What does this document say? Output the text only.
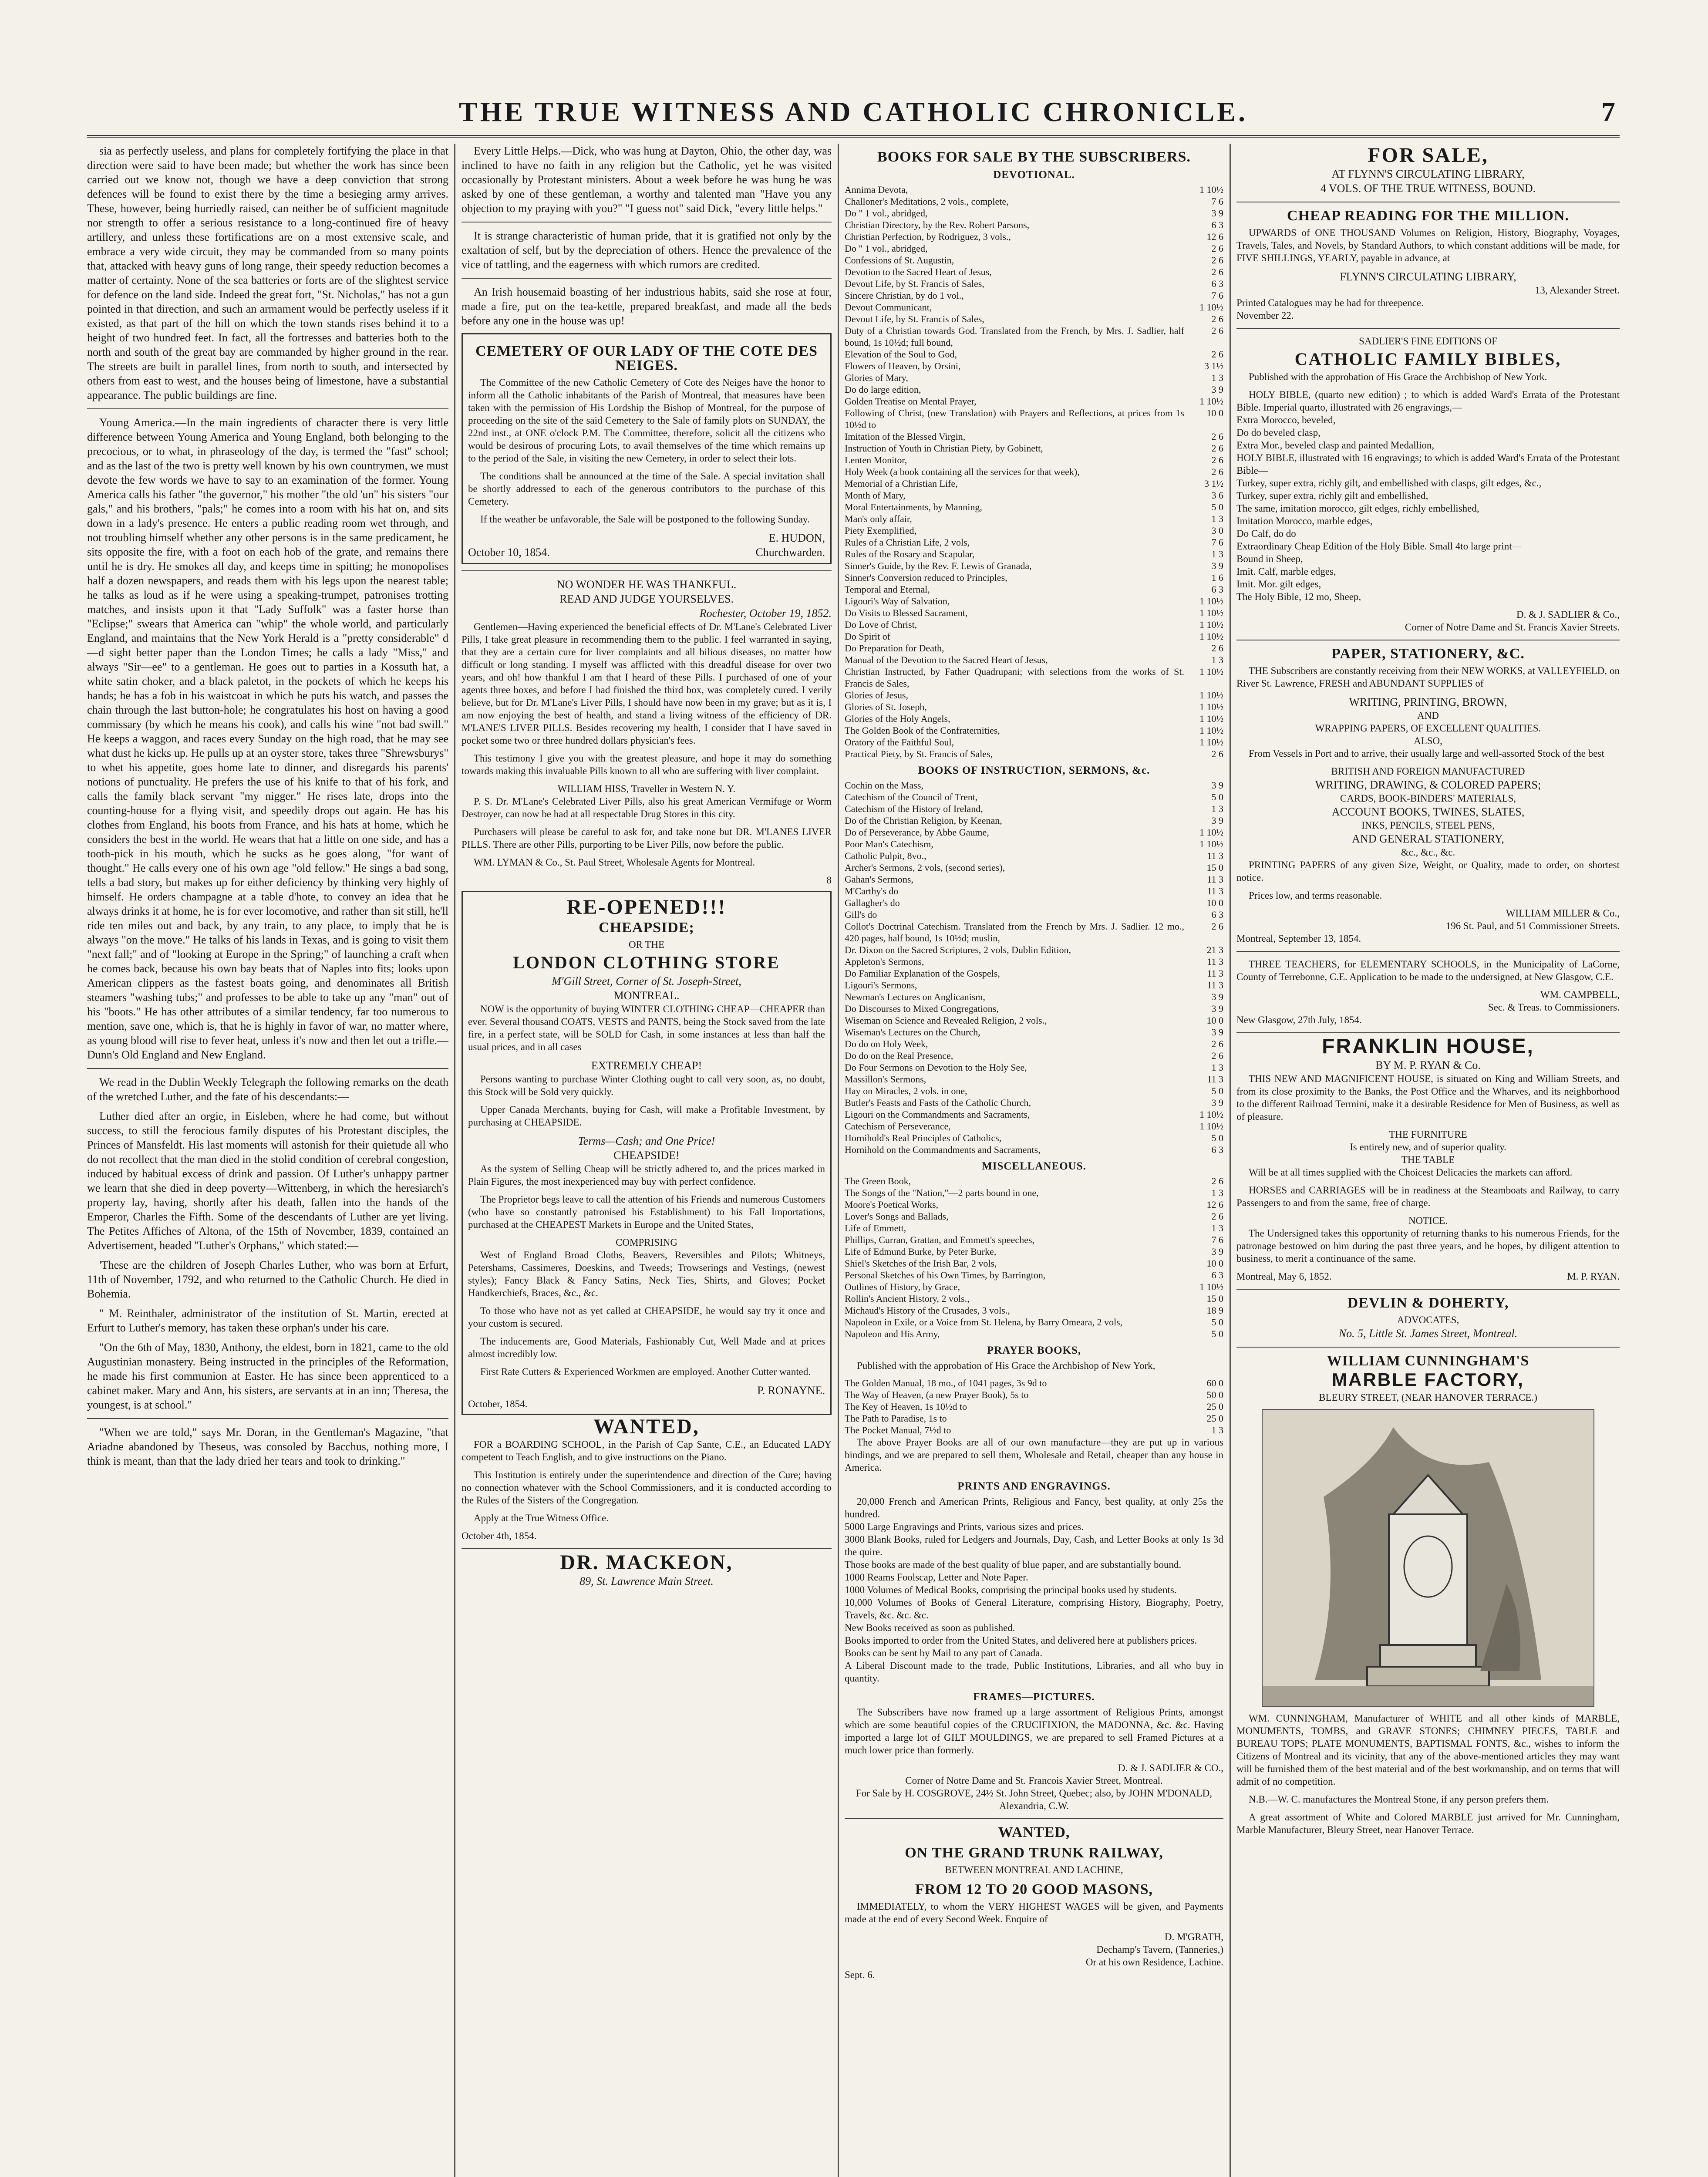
THE TRUE WITNESS AND CATHOLIC CHRONICLE.	7

sia as perfectly useless, and plans for completely fortifying the place in that direction were said to have been made; but whether the work has since been carried out we know not, though we have a deep conviction that strong defences will be found to exist there by the time a besieging army arrives. These, however, being hurriedly raised, can neither be of sufficient magnitude nor strength to offer a serious resistance to a long-continued fire of heavy artillery, and unless these fortifications are on a most extensive scale, and embrace a very wide circuit, they may be commanded from so many points that, attacked with heavy guns of long range, their speedy reduction becomes a matter of certainty. None of the sea batteries or forts are of the slightest service for defence on the land side. Indeed the great fort, "St. Nicholas," has not a gun pointed in that direction, and such an armament would be perfectly useless if it existed, as that part of the hill on which the town stands rises behind it to a height of two hundred feet. In fact, all the fortresses and batteries both to the north and south of the great bay are commanded by higher ground in the rear. The streets are built in parallel lines, from north to south, and intersected by others from east to west, and the houses being of limestone, have a substantial appearance. The public buildings are fine.

Young America.—In the main ingredients of character there is very little difference between Young America and Young England, both belonging to the precocious, or to what, in phraseology of the day, is termed the "fast" school; and as the last of the two is pretty well known by his own countrymen, we must devote the few words we have to say to an examination of the former. Young America calls his father "the governor," his mother "the old 'un" his sisters "our gals," and his brothers, "pals;" he comes into a room with his hat on, and sits down in a lady's presence. He enters a public reading room wet through, and not troubling himself whether any other persons is in the same predicament, he sits opposite the fire, with a foot on each hob of the grate, and remains there until he is dry. He smokes all day, and keeps time in spitting; he monopolises half a dozen newspapers, and reads them with his legs upon the nearest table; he talks as loud as if he were using a speaking-trumpet, patronises trotting matches, and insists upon it that "Lady Suffolk" was a faster horse than "Eclipse;" swears that America can "whip" the whole world, and particularly England, and maintains that the New York Herald is a "pretty considerable" d—d sight better paper than the London Times; he calls a lady "Miss," and always "Sir—ee" to a gentleman. He goes out to parties in a Kossuth hat, a white satin choker, and a black paletot, in the pockets of which he keeps his hands; he has a fob in his waistcoat in which he puts his watch, and passes the chain through the last button-hole; he congratulates his host on having a good commissary (by which he means his cook), and calls his wine "not bad swill." He keeps a waggon, and races every Sunday on the high road, that he may see what dust he kicks up. He pulls up at an oyster store, takes three "Shrewsburys" to whet his appetite, goes home late to dinner, and disregards his parents' notions of punctuality. He prefers the use of his knife to that of his fork, and calls the family black servant "my nigger." He rises late, drops into the counting-house for a flying visit, and speedily drops out again. He has his clothes from England, his boots from France, and his hats at home, which he considers the best in the world. He wears that hat a little on one side, and has a tooth-pick in his mouth, which he sucks as he goes along, "for want of thought." He calls every one of his own age "old fellow." He sings a bad song, tells a bad story, but makes up for either deficiency by thinking very highly of himself. He orders champagne at a table d'hote, to convey an idea that he always drinks it at home, he is for ever locomotive, and rather than sit still, he'll ride ten miles out and back, by any train, to any place, to imply that he is always "on the move." He talks of his lands in Texas, and is going to visit them "next fall;" and of "looking at Europe in the Spring;" of launching a craft when he comes back, because his own bay beats that of Naples into fits; looks upon American clippers as the fastest boats going, and denominates all British steamers "washing tubs;" and professes to be able to take up any "man" out of his "boots." He has other attributes of a similar tendency, far too numerous to mention, save one, which is, that he is highly in favor of war, no matter where, as young blood will rise to fever heat, unless it's now and then let out a trifle.—Dunn's Old England and New England.

We read in the Dublin Weekly Telegraph the following remarks on the death of the wretched Luther, and the fate of his descendants:—

Luther died after an orgie, in Eisleben, where he had come, but without success, to still the ferocious family disputes of his Protestant disciples, the Princes of Mansfeldt. His last moments will astonish for their quietude all who do not recollect that the man died in the stolid condition of cerebral congestion, induced by habitual excess of drink and passion. Of Luther's unhappy partner we learn that she died in deep poverty—Wittenberg, in which the heresiarch's property lay, having, shortly after his death, fallen into the hands of the Emperor, Charles the Fifth. Some of the descendants of Luther are yet living. The Petites Affiches of Altona, of the 15th of November, 1839, contained an Advertisement, headed "Luther's Orphans," which stated:—

'These are the children of Joseph Charles Luther, who was born at Erfurt, 11th of November, 1792, and who returned to the Catholic Church. He died in Bohemia.

" M. Reinthaler, administrator of the institution of St. Martin, erected at Erfurt to Luther's memory, has taken these orphan's under his care.

"On the 6th of May, 1830, Anthony, the eldest, born in 1821, came to the old Augustinian monastery. Being instructed in the principles of the Reformation, he made his first communion at Easter. He has since been apprenticed to a cabinet maker. Mary and Ann, his sisters, are servants at in an inn; Theresa, the youngest, is at school."

"When we are told," says Mr. Doran, in the Gentleman's Magazine, "that Ariadne abandoned by Theseus, was consoled by Bacchus, nothing more, I think is meant, than that the lady dried her tears and took to drinking."

Every Little Helps.—Dick, who was hung at Dayton, Ohio, the other day, was inclined to have no faith in any religion but the Catholic, yet he was visited occasionally by Protestant ministers. About a week before he was hung he was asked by one of these gentleman, a worthy and talented man "Have you any objection to my praying with you?" "I guess not" said Dick, "every little helps."

It is strange characteristic of human pride, that it is gratified not only by the exaltation of self, but by the depreciation of others. Hence the prevalence of the vice of tattling, and the eagerness with which rumors are credited.

An Irish housemaid boasting of her industrious habits, said she rose at four, made a fire, put on the tea-kettle, prepared breakfast, and made all the beds before any one in the house was up!

CEMETERY OF OUR LADY OF THE COTE DES NEIGES.

The Committee of the new Catholic Cemetery of Cote des Neiges have the honor to inform all the Catholic inhabitants of the Parish of Montreal, that measures have been taken with the permission of His Lordship the Bishop of Montreal, for the purpose of proceeding on the site of the said Cemetery to the Sale of family plots on SUNDAY, the 22nd inst., at ONE o'clock P.M. The Committee, therefore, solicit all the citizens who would be desirous of procuring Lots, to avail themselves of the time which remains up to the period of the Sale, in visiting the new Cemetery, in order to select their lots.

The conditions shall be announced at the time of the Sale. A special invitation shall be shortly addressed to each of the generous contributors to the purchase of this Cemetery.

If the weather be unfavorable, the Sale will be postponed to the following Sunday.

E. HUDON,
October 10, 1854.	Churchwarden.
NO WONDER HE WAS THANKFUL.
READ AND JUDGE YOURSELVES.
Rochester, October 19, 1852.

Gentlemen—Having experienced the beneficial effects of Dr. M'Lane's Celebrated Liver Pills, I take great pleasure in recommending them to the public. I feel warranted in saying, that they are a certain cure for liver complaints and all bilious diseases, no matter how difficult or long standing. I myself was afflicted with this dreadful disease for over two years, and oh! how thankful I am that I heard of these Pills. I purchased of one of your agents three boxes, and before I had finished the third box, was completely cured. I verily believe, but for Dr. M'Lane's Liver Pills, I should have now been in my grave; but as it is, I am now enjoying the best of health, and stand a living witness of the efficiency of DR. M'LANE'S LIVER PILLS. Besides recovering my health, I consider that I have saved in pocket some two or three hundred dollars physician's fees.

This testimony I give you with the greatest pleasure, and hope it may do something towards making this invaluable Pills known to all who are suffering with liver complaint.

WILLIAM HISS, Traveller in Western N. Y.

P. S. Dr. M'Lane's Celebrated Liver Pills, also his great American Vermifuge or Worm Destroyer, can now be had at all respectable Drug Stores in this city.

Purchasers will please be careful to ask for, and take none but DR. M'LANES LIVER PILLS. There are other Pills, purporting to be Liver Pills, now before the public.

WM. LYMAN & Co., St. Paul Street, Wholesale Agents for Montreal.

8
RE-OPENED!!!
CHEAPSIDE;
OR THE
LONDON CLOTHING STORE
M'Gill Street, Corner of St. Joseph-Street,
MONTREAL.

NOW is the opportunity of buying WINTER CLOTHING CHEAP—CHEAPER than ever. Several thousand COATS, VESTS and PANTS, being the Stock saved from the late fire, in a perfect state, will be SOLD for Cash, in some instances at less than half the usual prices, and in all cases

EXTREMELY CHEAP!

Persons wanting to purchase Winter Clothing ought to call very soon, as, no doubt, this Stock will be Sold very quickly.

Upper Canada Merchants, buying for Cash, will make a Profitable Investment, by purchasing at CHEAPSIDE.

Terms—Cash; and One Price!
CHEAPSIDE!

As the system of Selling Cheap will be strictly adhered to, and the prices marked in Plain Figures, the most inexperienced may buy with perfect confidence.

The Proprietor begs leave to call the attention of his Friends and numerous Customers (who have so constantly patronised his Establishment) to his Fall Importations, purchased at the CHEAPEST Markets in Europe and the United States,

COMPRISING

West of England Broad Cloths, Beavers, Reversibles and Pilots; Whitneys, Petershams, Cassimeres, Doeskins, and Tweeds; Trowserings and Vestings, (newest styles); Fancy Black & Fancy Satins, Neck Ties, Shirts, and Gloves; Pocket Handkerchiefs, Braces, &c., &c.

To those who have not as yet called at CHEAPSIDE, he would say try it once and your custom is secured.

The inducements are, Good Materials, Fashionably Cut, Well Made and at prices almost incredibly low.

First Rate Cutters & Experienced Workmen are employed. Another Cutter wanted.

P. RONAYNE.
October, 1854.
WANTED,

FOR a BOARDING SCHOOL, in the Parish of Cap Sante, C.E., an Educated LADY competent to Teach English, and to give instructions on the Piano.

This Institution is entirely under the superintendence and direction of the Cure; having no connection whatever with the School Commissioners, and it is conducted according to the Rules of the Sisters of the Congregation.

Apply at the True Witness Office.

October 4th, 1854.
DR. MACKEON,
89, St. Lawrence Main Street.
BOOKS FOR SALE BY THE SUBSCRIBERS.
DEVOTIONAL.
Annima Devota,	1 10½
Challoner's Meditations, 2 vols., complete,	7 6
Do " 1 vol., abridged,	3 9
Christian Directory, by the Rev. Robert Parsons,	6 3
Christian Perfection, by Rodriguez, 3 vols.,	12 6
Do " 1 vol., abridged,	2 6
Confessions of St. Augustin,	2 6
Devotion to the Sacred Heart of Jesus,	2 6
Devout Life, by St. Francis of Sales,	6 3
Sincere Christian, by do 1 vol.,	7 6
Devout Communicant,	1 10½
Devout Life, by St. Francis of Sales,	2 6
Duty of a Christian towards God. Translated from the French, by Mrs. J. Sadlier, half bound, 1s 10½d; full bound,	2 6
Elevation of the Soul to God,	2 6
Flowers of Heaven, by Orsini,	3 1½
Glories of Mary,	1 3
Do do large edition,	3 9
Golden Treatise on Mental Prayer,	1 10½
Following of Christ, (new Translation) with Prayers and Reflections, at prices from 1s 10½d to	10 0
Imitation of the Blessed Virgin,	2 6
Instruction of Youth in Christian Piety, by Gobinett,	2 6
Lenten Monitor,	2 6
Holy Week (a book containing all the services for that week),	2 6
Memorial of a Christian Life,	3 1½
Month of Mary,	3 6
Moral Entertainments, by Manning,	5 0
Man's only affair,	1 3
Piety Exemplified,	3 0
Rules of a Christian Life, 2 vols,	7 6
Rules of the Rosary and Scapular,	1 3
Sinner's Guide, by the Rev. F. Lewis of Granada,	3 9
Sinner's Conversion reduced to Principles,	1 6
Temporal and Eternal,	6 3
Ligouri's Way of Salvation,	1 10½
Do Visits to Blessed Sacrament,	1 10½
Do Love of Christ,	1 10½
Do Spirit of	1 10½
Do Preparation for Death,	2 6
Manual of the Devotion to the Sacred Heart of Jesus,	1 3
Christian Instructed, by Father Quadrupani; with selections from the works of St. Francis de Sales,	1 10½
Glories of Jesus,	1 10½
Glories of St. Joseph,	1 10½
Glories of the Holy Angels,	1 10½
The Golden Book of the Confraternities,	1 10½
Oratory of the Faithful Soul,	1 10½
Practical Piety, by St. Francis of Sales,	2 6
BOOKS OF INSTRUCTION, SERMONS, &c.
Cochin on the Mass,	3 9
Catechism of the Council of Trent,	5 0
Catechism of the History of Ireland,	1 3
Do of the Christian Religion, by Keenan,	3 9
Do of Perseverance, by Abbe Gaume,	1 10½
Poor Man's Catechism,	1 10½
Catholic Pulpit, 8vo.,	11 3
Archer's Sermons, 2 vols, (second series),	15 0
Gahan's Sermons,	11 3
M'Carthy's do	11 3
Gallagher's do	10 0
Gill's do	6 3
Collot's Doctrinal Catechism. Translated from the French by Mrs. J. Sadlier. 12 mo., 420 pages, half bound, 1s 10½d; muslin,	2 6
Dr. Dixon on the Sacred Scriptures, 2 vols, Dublin Edition,	21 3
Appleton's Sermons,	11 3
Do Familiar Explanation of the Gospels,	11 3
Ligouri's Sermons,	11 3
Newman's Lectures on Anglicanism,	3 9
Do Discourses to Mixed Congregations,	3 9
Wiseman on Science and Revealed Religion, 2 vols.,	10 0
Wiseman's Lectures on the Church,	3 9
Do do on Holy Week,	2 6
Do do on the Real Presence,	2 6
Do Four Sermons on Devotion to the Holy See,	1 3
Massillon's Sermons,	11 3
Hay on Miracles, 2 vols. in one,	5 0
Butler's Feasts and Fasts of the Catholic Church,	3 9
Ligouri on the Commandments and Sacraments,	1 10½
Catechism of Perseverance,	1 10½
Hornihold's Real Principles of Catholics,	5 0
Hornihold on the Commandments and Sacraments,	6 3
MISCELLANEOUS.
The Green Book,	2 6
The Songs of the "Nation,"—2 parts bound in one,	1 3
Moore's Poetical Works,	12 6
Lover's Songs and Ballads,	2 6
Life of Emmett,	1 3
Phillips, Curran, Grattan, and Emmett's speeches,	7 6
Life of Edmund Burke, by Peter Burke,	3 9
Shiel's Sketches of the Irish Bar, 2 vols,	10 0
Personal Sketches of his Own Times, by Barrington,	6 3
Outlines of History, by Grace,	1 10½
Rollin's Ancient History, 2 vols.,	15 0
Michaud's History of the Crusades, 3 vols.,	18 9
Napoleon in Exile, or a Voice from St. Helena, by Barry Omeara, 2 vols,	5 0
Napoleon and His Army,	5 0
PRAYER BOOKS,

Published with the approbation of His Grace the Archbishop of New York,

The Golden Manual, 18 mo., of 1041 pages, 3s 9d to	60 0
The Way of Heaven, (a new Prayer Book), 5s to	50 0
The Key of Heaven, 1s 10½d to	25 0
The Path to Paradise, 1s to	25 0
The Pocket Manual, 7½d to	1 3

The above Prayer Books are all of our own manufacture—they are put up in various bindings, and we are prepared to sell them, Wholesale and Retail, cheaper than any house in America.

PRINTS AND ENGRAVINGS.

20,000 French and American Prints, Religious and Fancy, best quality, at only 25s the hundred.
5000 Large Engravings and Prints, various sizes and prices.
3000 Blank Books, ruled for Ledgers and Journals, Day, Cash, and Letter Books at only 1s 3d the quire.
Those books are made of the best quality of blue paper, and are substantially bound.
1000 Reams Foolscap, Letter and Note Paper.
1000 Volumes of Medical Books, comprising the principal books used by students.
10,000 Volumes of Books of General Literature, comprising History, Biography, Poetry, Travels, &c. &c. &c.
New Books received as soon as published.
Books imported to order from the United States, and delivered here at publishers prices.
Books can be sent by Mail to any part of Canada.
A Liberal Discount made to the trade, Public Institutions, Libraries, and all who buy in quantity.

FRAMES—PICTURES.

The Subscribers have now framed up a large assortment of Religious Prints, amongst which are some beautiful copies of the CRUCIFIXION, the MADONNA, &c. &c. Having imported a large lot of GILT MOULDINGS, we are prepared to sell Framed Pictures at a much lower price than formerly.

D. & J. SADLIER & CO.,
Corner of Notre Dame and St. Francois Xavier Street, Montreal.
For Sale by H. COSGROVE, 24½ St. John Street, Quebec; also, by JOHN M'DONALD, Alexandria, C.W.
WANTED,
ON THE GRAND TRUNK RAILWAY,
BETWEEN MONTREAL AND LACHINE,
FROM 12 TO 20 GOOD MASONS,

IMMEDIATELY, to whom the VERY HIGHEST WAGES will be given, and Payments made at the end of every Second Week. Enquire of

D. M'GRATH,
Dechamp's Tavern, (Tanneries,)
Or at his own Residence, Lachine.
Sept. 6.
FOR SALE,
AT FLYNN'S CIRCULATING LIBRARY,
4 VOLS. OF THE TRUE WITNESS, BOUND.
CHEAP READING FOR THE MILLION.

UPWARDS of ONE THOUSAND Volumes on Religion, History, Biography, Voyages, Travels, Tales, and Novels, by Standard Authors, to which constant additions will be made, for FIVE SHILLINGS, YEARLY, payable in advance, at

FLYNN'S CIRCULATING LIBRARY,
13, Alexander Street.
Printed Catalogues may be had for threepence.
November 22.
SADLIER'S FINE EDITIONS OF
CATHOLIC FAMILY BIBLES,

Published with the approbation of His Grace the Archbishop of New York.

HOLY BIBLE, (quarto new edition) ; to which is added Ward's Errata of the Protestant Bible. Imperial quarto, illustrated with 26 engravings,—
Extra Morocco, beveled,
Do do beveled clasp,
Extra Mor., beveled clasp and painted Medallion,
HOLY BIBLE, illustrated with 16 engravings; to which is added Ward's Errata of the Protestant Bible—
Turkey, super extra, richly gilt, and embellished with clasps, gilt edges, &c.,
Turkey, super extra, richly gilt and embellished,
The same, imitation morocco, gilt edges, richly embellished,
Imitation Morocco, marble edges,
Do Calf, do do
Extraordinary Cheap Edition of the Holy Bible. Small 4to large print—
Bound in Sheep,
Imit. Calf, marble edges,
Imit. Mor. gilt edges,
The Holy Bible, 12 mo, Sheep,

D. & J. SADLIER & Co.,
Corner of Notre Dame and St. Francis Xavier Streets.
PAPER, STATIONERY, &C.

THE Subscribers are constantly receiving from their NEW WORKS, at VALLEYFIELD, on River St. Lawrence, FRESH and ABUNDANT SUPPLIES of

WRITING, PRINTING, BROWN,
AND
WRAPPING PAPERS, OF EXCELLENT QUALITIES.
ALSO,

From Vessels in Port and to arrive, their usually large and well-assorted Stock of the best

BRITISH AND FOREIGN MANUFACTURED
WRITING, DRAWING, & COLORED PAPERS;
CARDS, BOOK-BINDERS' MATERIALS,
ACCOUNT BOOKS, TWINES, SLATES,
INKS, PENCILS, STEEL PENS,
AND GENERAL STATIONERY,
&c., &c., &c.

PRINTING PAPERS of any given Size, Weight, or Quality, made to order, on shortest notice.

Prices low, and terms reasonable.

WILLIAM MILLER & Co.,
196 St. Paul, and 51 Commissioner Streets.
Montreal, September 13, 1854.

THREE TEACHERS, for ELEMENTARY SCHOOLS, in the Municipality of LaCorne, County of Terrebonne, C.E. Application to be made to the undersigned, at New Glasgow, C.E.

WM. CAMPBELL,
Sec. & Treas. to Commissioners.
New Glasgow, 27th July, 1854.
FRANKLIN HOUSE,
BY M. P. RYAN & Co.

THIS NEW AND MAGNIFICENT HOUSE, is situated on King and William Streets, and from its close proximity to the Banks, the Post Office and the Wharves, and its neighborhood to the different Railroad Termini, make it a desirable Residence for Men of Business, as well as of pleasure.

THE FURNITURE
Is entirely new, and of superior quality.
THE TABLE

Will be at all times supplied with the Choicest Delicacies the markets can afford.

HORSES and CARRIAGES will be in readiness at the Steamboats and Railway, to carry Passengers to and from the same, free of charge.

NOTICE.

The Undersigned takes this opportunity of returning thanks to his numerous Friends, for the patronage bestowed on him during the past three years, and he hopes, by diligent attention to business, to merit a continuance of the same.

Montreal, May 6, 1852.	M. P. RYAN.
DEVLIN & DOHERTY,
ADVOCATES,
No. 5, Little St. James Street, Montreal.
WILLIAM CUNNINGHAM'S
MARBLE FACTORY,
BLEURY STREET, (NEAR HANOVER TERRACE.)

WM. CUNNINGHAM, Manufacturer of WHITE and all other kinds of MARBLE, MONUMENTS, TOMBS, and GRAVE STONES; CHIMNEY PIECES, TABLE and BUREAU TOPS; PLATE MONUMENTS, BAPTISMAL FONTS, &c., wishes to inform the Citizens of Montreal and its vicinity, that any of the above-mentioned articles they may want will be furnished them of the best material and of the best workmanship, and on terms that will admit of no competition.

N.B.—W. C. manufactures the Montreal Stone, if any person prefers them.

A great assortment of White and Colored MARBLE just arrived for Mr. Cunningham, Marble Manufacturer, Bleury Street, near Hanover Terrace.
